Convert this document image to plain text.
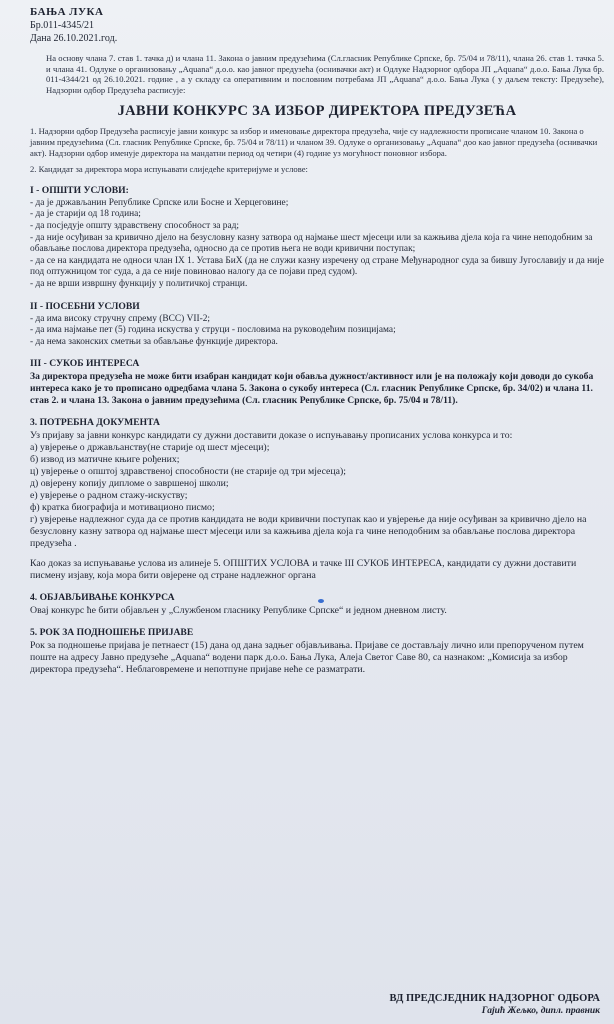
БАЊА ЛУКА
Бр.011-4345/21
Дана 26.10.2021.год.
На основу члана 7. став 1. тачка д) и члана 11. Закона о јавним предузећима (Сл.гласник Републике Српске, бр. 75/04 и 78/11), члана 26. став 1. тачка 5. и члана 41. Одлуке о организовању „Aquana“ д.о.о. као јавног предузећа (оснивачки акт) и Одлуке Надзорног одбора ЈП „Aquana“ д.о.о. Бања Лука бр. 011-4344/21 од 26.10.2021. године , а у складу са оперативним и пословним потребама ЈП „Aquana“ д.о.о. Бања Лука ( у даљем тексту: Предузеће), Надзорни одбор Предузећа расписује:
ЈАВНИ КОНКУРС ЗА ИЗБОР ДИРЕКТОРА ПРЕДУЗЕЋА
1. Надзорни одбор Предузећа расписује јавни конкурс за избор и именовање директора предузећа, чије су надлежности прописане чланом 10. Закона о јавним предузећима (Сл. гласник Републике Српске, бр. 75/04 и 78/11) и чланом 39. Одлуке о организовању „Aquana“ доо као јавног предузећа (оснивачки акт). Надзорни одбор именује директора на мандатни период од четири (4) године уз могућност поновног избора.
2. Кандидат за директора мора испуњавати слиједеће критеријуме и услове:
I - ОПШТИ УСЛОВИ:
- да је држављанин Републике Српске или Босне и Херцеговине;
- да је старији од 18 година;
- да посједује општу здравствену способност за рад;
- да није осуђиван за кривично дјело на безусловну казну затвора од најмање шест мјесеци или за кажњива дјела која га чине неподобним за обављање послова директора предузећа, односно да се против њега не води кривични поступак;
- да се на кандидата не односи члан IX 1. Устава БиХ (да не служи казну изречену од стране Међународног суда за бившу Југославију и да није под оптужницом тог суда, а да се није повиновао налогу да се појави пред судом).
- да не врши извршну функцију у политичкој странци.
II - ПОСЕБНИ УСЛОВИ
- да има високу стручну спрему (ВСС) VII-2;
- да има најмање пет (5) година искуства у струци - пословима на руководећим позицијама;
- да нема законских сметњи за обављање функције директора.
III - СУКОБ ИНТЕРЕСА
За директора предузећа не може бити изабран кандидат који обавља дужност/активност или је на положају који доводи до сукоба интереса како је то прописано одредбама члана 5. Закона о сукобу интереса (Сл. гласник Републике Српске, бр. 34/02) и члана 11. став 2. и члана 13. Закона о јавним предузећима (Сл. гласник Републике Српске, бр. 75/04 и 78/11).
3. ПОТРЕБНА ДОКУМЕНТА
Уз пријаву за јавни конкурс кандидати су дужни доставити доказе о испуњавању прописаних услова конкурса и то:
а) увјерење о држављанству(не старије од шест мјесеци);
б) извод из матичне књиге рођених;
ц) увјерење о општој здравственој способности (не старије од три мјесеца);
д) овјерену копију дипломе о завршеној школи;
е) увјерење о радном стажу-искуству;
ф) кратка биографија и мотивационо писмо;
г) увјерење надлежног суда да се против кандидата не води кривични поступак као и увјерење да није осуђиван за кривично дјело на безусловну казну затвора од најмање шест мјесеци или за кажњива дјела која га чине неподобним за обављање послова директора предузећа .
Као доказ за испуњавање услова из алинеје 5. ОПШТИХ УСЛОВА и тачке III СУКОБ ИНТЕРЕСА, кандидати су дужни доставити писмену изјаву, која мора бити овјерене од стране надлежног органа
4. ОБЈАВЉИВАЊЕ КОНКУРСА
Овај конкурс ће бити објављен у „Службеном гласнику Републике Српске“ и једном дневном листу.
5. РОК ЗА ПОДНОШЕЊЕ ПРИЈАВЕ
Рок за подношење пријава је петнаест (15) дана од дана задњег објављивања. Пријаве се достављају лично или препорученом путем поште на адресу Јавно предузеће „Aquana“ водени парк д.о.о. Бања Лука, Алеја Светог Саве 80, са назнаком: „Комисија за избор директора предузећа“. Неблаговремене и непотпуне пријаве неће се разматрати.
ВД ПРЕДСЈЕДНИК НАДЗОРНОГ ОДБОРА
Гајић Жељко, дипл. правник
